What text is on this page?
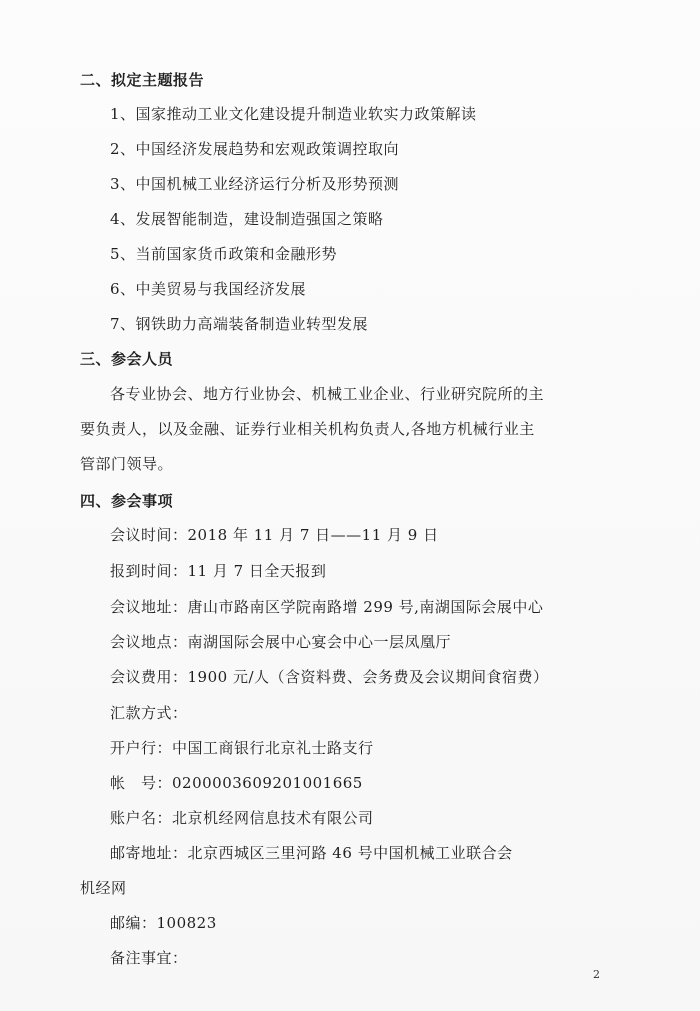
二、拟定主题报告
1、国家推动工业文化建设提升制造业软实力政策解读
2、中国经济发展趋势和宏观政策调控取向
3、中国机械工业经济运行分析及形势预测
4、发展智能制造，建设制造强国之策略
5、当前国家货币政策和金融形势
6、中美贸易与我国经济发展
7、钢铁助力高端装备制造业转型发展
三、参会人员
各专业协会、地方行业协会、机械工业企业、行业研究院所的主
要负责人，以及金融、证券行业相关机构负责人,各地方机械行业主
管部门领导。
四、参会事项
会议时间：2018 年 11 月 7 日——11 月 9 日
报到时间：11 月 7 日全天报到
会议地址：唐山市路南区学院南路增 299 号,南湖国际会展中心
会议地点：南湖国际会展中心宴会中心一层凤凰厅
会议费用：1900 元/人（含资料费、会务费及会议期间食宿费）
汇款方式：
开户行：中国工商银行北京礼士路支行
帐　号：0200003609201001665
账户名：北京机经网信息技术有限公司
邮寄地址：北京西城区三里河路 46 号中国机械工业联合会
机经网
邮编：100823
备注事宜：
2
